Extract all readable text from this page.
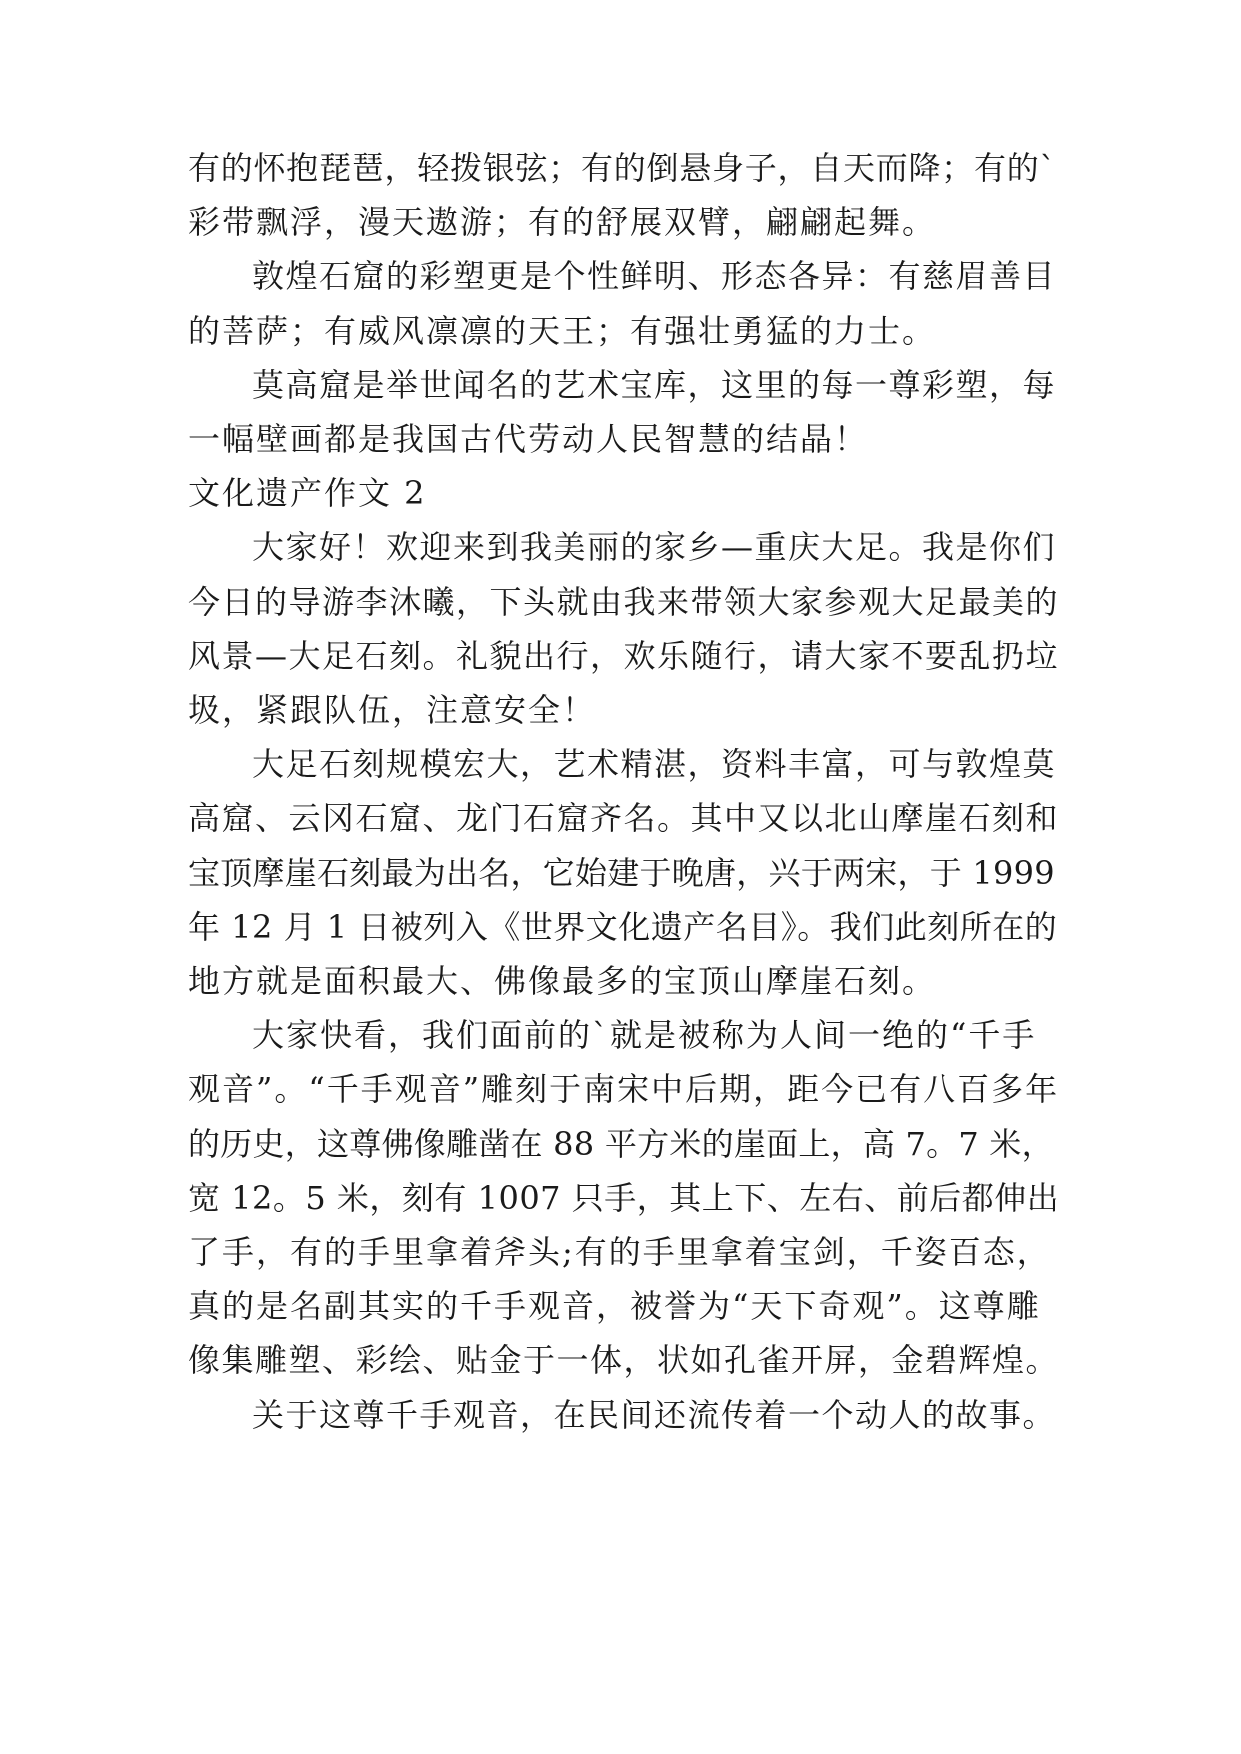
有的怀抱琵琶，轻拨银弦；有的倒悬身子，自天而降；有的`
彩带飘浮，漫天遨游；有的舒展双臂，翩翩起舞。
敦煌石窟的彩塑更是个性鲜明、形态各异：有慈眉善目
的菩萨；有威风凛凛的天王；有强壮勇猛的力士。
莫高窟是举世闻名的艺术宝库，这里的每一尊彩塑，每
一幅壁画都是我国古代劳动人民智慧的结晶！
文化遗产作文 2
大家好！欢迎来到我美丽的家乡—重庆大足。我是你们
今日的导游李沐曦，下头就由我来带领大家参观大足最美的
风景—大足石刻。礼貌出行，欢乐随行，请大家不要乱扔垃
圾，紧跟队伍，注意安全！
大足石刻规模宏大，艺术精湛，资料丰富，可与敦煌莫
高窟、云冈石窟、龙门石窟齐名。其中又以北山摩崖石刻和
宝顶摩崖石刻最为出名，它始建于晚唐，兴于两宋，于 1999
年 12 月 1 日被列入《世界文化遗产名目》。我们此刻所在的
地方就是面积最大、佛像最多的宝顶山摩崖石刻。
大家快看，我们面前的`就是被称为人间一绝的“千手
观音”。“千手观音”雕刻于南宋中后期，距今已有八百多年
的历史，这尊佛像雕凿在 88 平方米的崖面上，高 7。7 米，
宽 12。5 米，刻有 1007 只手，其上下、左右、前后都伸出
了手，有的手里拿着斧头;有的手里拿着宝剑，千姿百态，
真的是名副其实的千手观音，被誉为“天下奇观”。这尊雕
像集雕塑、彩绘、贴金于一体，状如孔雀开屏，金碧辉煌。
关于这尊千手观音，在民间还流传着一个动人的故事。
